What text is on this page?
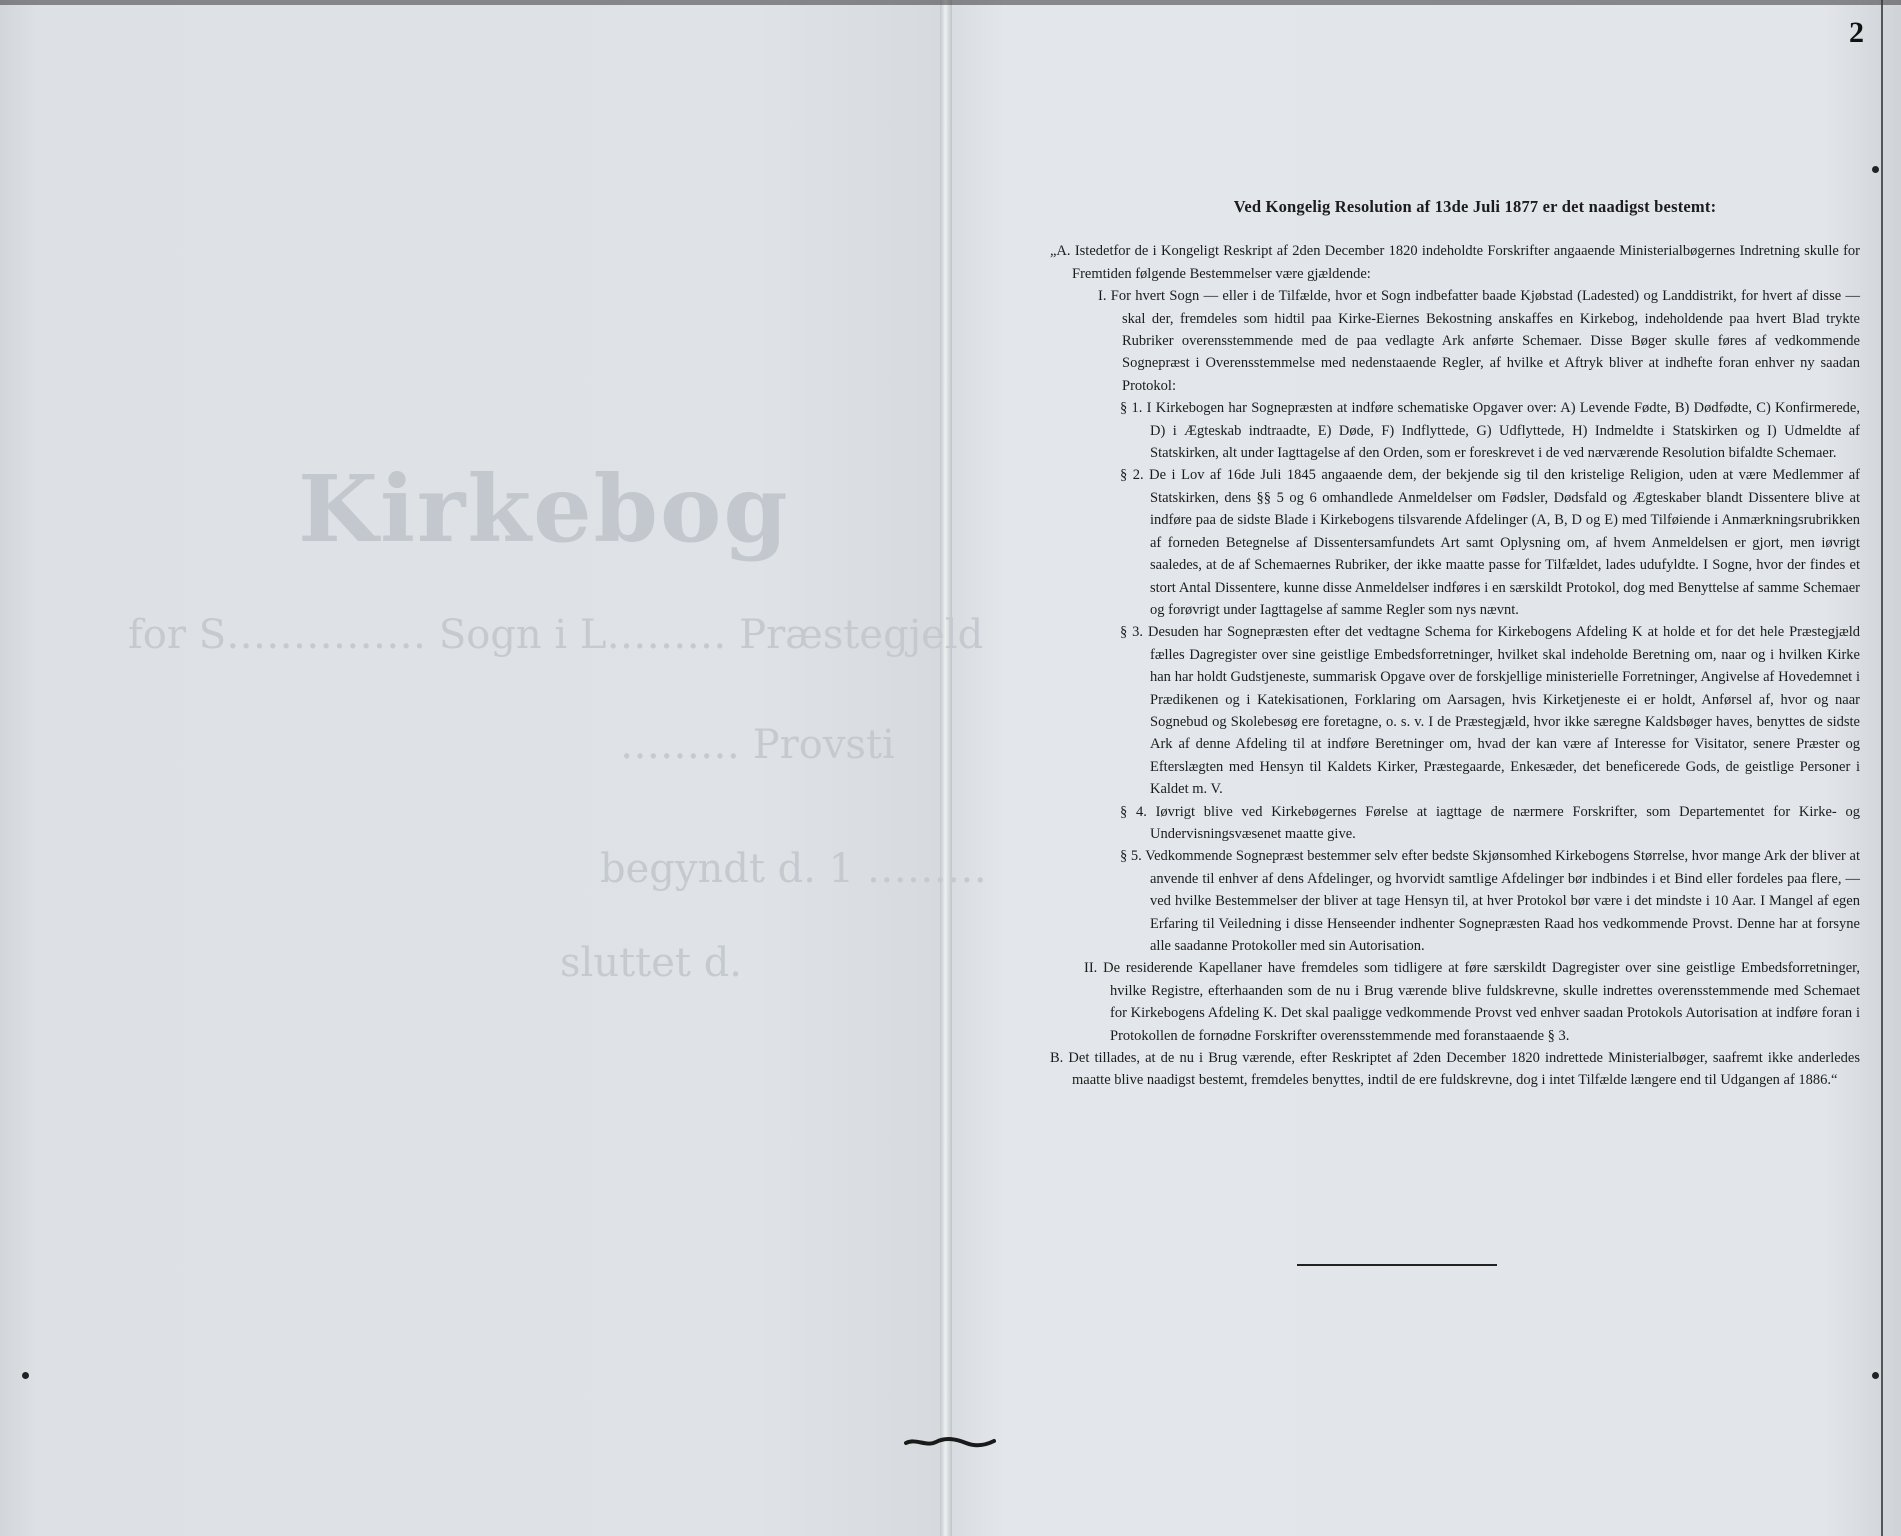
Kirkebog
for S…………… Sogn i L……… Præstegjeld
……… Provsti
begyndt d. 1 ………
sluttet d.
2

Ved Kongelig Resolution af 13de Juli 1877 er det naadigst bestemt:

„A. Istedetfor de i Kongeligt Reskript af 2den December 1820 indeholdte Forskrifter angaaende Ministerialbøgernes Indretning skulle for Fremtiden følgende Bestemmelser være gjældende:

I. For hvert Sogn — eller i de Tilfælde, hvor et Sogn indbefatter baade Kjøbstad (Ladested) og Landdistrikt, for hvert af disse — skal der, fremdeles som hidtil paa Kirke-Eiernes Bekostning anskaffes en Kirkebog, indeholdende paa hvert Blad trykte Rubriker overensstemmende med de paa vedlagte Ark anførte Schemaer. Disse Bøger skulle føres af vedkommende Sognepræst i Overensstemmelse med nedenstaaende Regler, af hvilke et Aftryk bliver at indhefte foran enhver ny saadan Protokol:

§ 1. I Kirkebogen har Sognepræsten at indføre schematiske Opgaver over: A) Levende Fødte, B) Dødfødte, C) Konfirmerede, D) i Ægteskab indtraadte, E) Døde, F) Indflyttede, G) Udflyttede, H) Indmeldte i Statskirken og I) Udmeldte af Statskirken, alt under Iagttagelse af den Orden, som er foreskrevet i de ved nærværende Resolution bifaldte Schemaer.

§ 2. De i Lov af 16de Juli 1845 angaaende dem, der bekjende sig til den kristelige Religion, uden at være Medlemmer af Statskirken, dens §§ 5 og 6 omhandlede Anmeldelser om Fødsler, Dødsfald og Ægteskaber blandt Dissentere blive at indføre paa de sidste Blade i Kirkebogens tilsvarende Afdelinger (A, B, D og E) med Tilføiende i Anmærkningsrubrikken af forneden Betegnelse af Dissentersamfundets Art samt Oplysning om, af hvem Anmeldelsen er gjort, men iøvrigt saaledes, at de af Schemaernes Rubriker, der ikke maatte passe for Tilfældet, lades udufyldte. I Sogne, hvor der findes et stort Antal Dissentere, kunne disse Anmeldelser indføres i en særskildt Protokol, dog med Benyttelse af samme Schemaer og forøvrigt under Iagttagelse af samme Regler som nys nævnt.

§ 3. Desuden har Sognepræsten efter det vedtagne Schema for Kirkebogens Afdeling K at holde et for det hele Præstegjæld fælles Dagregister over sine geistlige Embedsforretninger, hvilket skal indeholde Beretning om, naar og i hvilken Kirke han har holdt Gudstjeneste, summarisk Opgave over de forskjellige ministerielle Forretninger, Angivelse af Hovedemnet i Prædikenen og i Katekisationen, Forklaring om Aarsagen, hvis Kirketjeneste ei er holdt, Anførsel af, hvor og naar Sognebud og Skolebesøg ere foretagne, o. s. v. I de Præstegjæld, hvor ikke særegne Kaldsbøger haves, benyttes de sidste Ark af denne Afdeling til at indføre Beretninger om, hvad der kan være af Interesse for Visitator, senere Præster og Efterslægten med Hensyn til Kaldets Kirker, Præstegaarde, Enkesæder, det beneficerede Gods, de geistlige Personer i Kaldet m. V.

§ 4. Iøvrigt blive ved Kirkebøgernes Førelse at iagttage de nærmere Forskrifter, som Departementet for Kirke- og Undervisningsvæsenet maatte give.

§ 5. Vedkommende Sognepræst bestemmer selv efter bedste Skjønsomhed Kirkebogens Størrelse, hvor mange Ark der bliver at anvende til enhver af dens Afdelinger, og hvorvidt samtlige Afdelinger bør indbindes i et Bind eller fordeles paa flere, — ved hvilke Bestemmelser der bliver at tage Hensyn til, at hver Protokol bør være i det mindste i 10 Aar. I Mangel af egen Erfaring til Veiledning i disse Henseender indhenter Sognepræsten Raad hos vedkommende Provst. Denne har at forsyne alle saadanne Protokoller med sin Autorisation.

II. De residerende Kapellaner have fremdeles som tidligere at føre særskildt Dagregister over sine geistlige Embedsforretninger, hvilke Registre, efterhaanden som de nu i Brug værende blive fuldskrevne, skulle indrettes overensstemmende med Schemaet for Kirkebogens Afdeling K. Det skal paaligge vedkommende Provst ved enhver saadan Protokols Autorisation at indføre foran i Protokollen de fornødne Forskrifter overensstemmende med foranstaaende § 3.

B. Det tillades, at de nu i Brug værende, efter Reskriptet af 2den December 1820 indrettede Ministerialbøger, saafremt ikke anderledes maatte blive naadigst bestemt, fremdeles benyttes, indtil de ere fuldskrevne, dog i intet Tilfælde længere end til Udgangen af 1886.“
